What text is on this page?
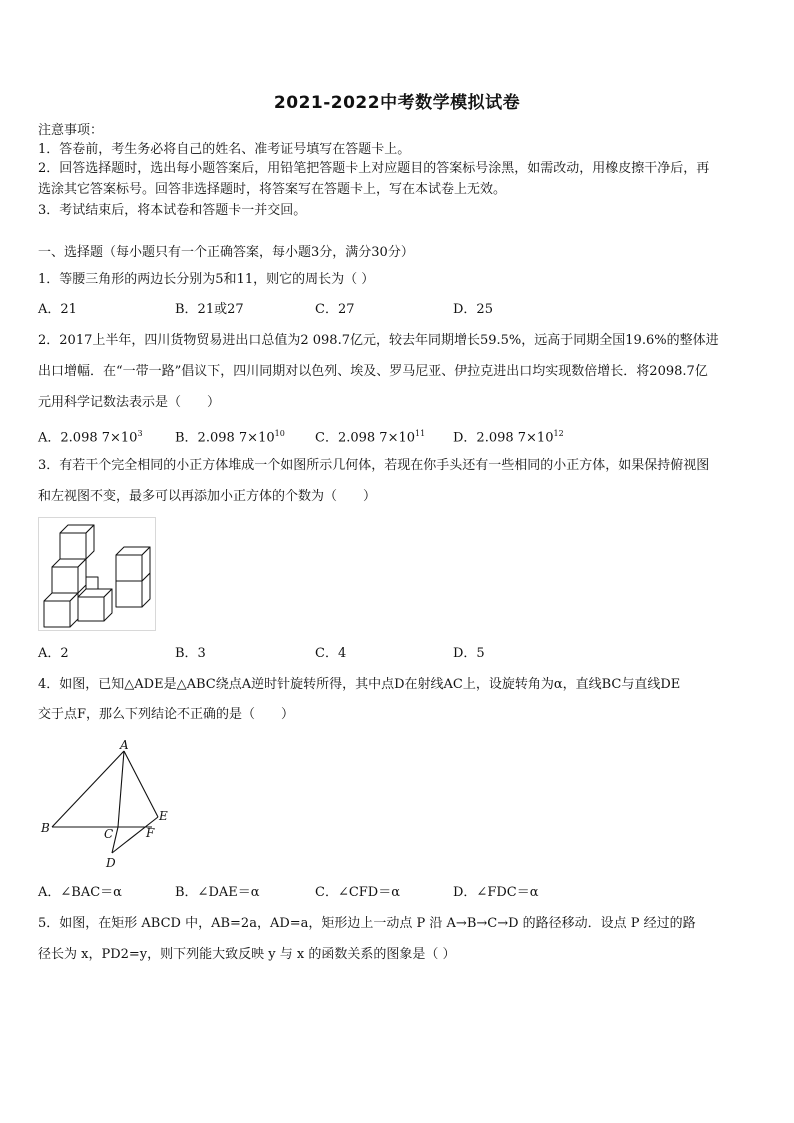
2021-2022中考数学模拟试卷
注意事项：
1．答卷前，考生务必将自己的姓名、准考证号填写在答题卡上。
2．回答选择题时，选出每小题答案后，用铅笔把答题卡上对应题目的答案标号涂黑，如需改动，用橡皮擦干净后，再
选涂其它答案标号。回答非选择题时，将答案写在答题卡上，写在本试卷上无效。
3．考试结束后，将本试卷和答题卡一并交回。
一、选择题（每小题只有一个正确答案，每小题3分，满分30分）
1．等腰三角形的两边长分别为5和11，则它的周长为（ ）
A．21	B．21或27	C．27	D．25
2．2017上半年，四川货物贸易进出口总值为2 098.7亿元，较去年同期增长59.5%，远高于同期全国19.6%的整体进
出口增幅．在“一带一路”倡议下，四川同期对以色列、埃及、罗马尼亚、伊拉克进出口均实现数倍增长．将2098.7亿
元用科学记数法表示是（　　）
A．2.098 $7\times 10^3$ B．2.098 $7\times 10^{10}$ C．2.098 $7\times 10^{11}$ D．2.098 $7\times 10^{12}$
3．有若干个完全相同的小正方体堆成一个如图所示几何体，若现在你手头还有一些相同的小正方体，如果保持俯视图
和左视图不变，最多可以再添加小正方体的个数为（　　）
A．2	B．3	C．4	D．5
4．如图，已知△ADE是△ABC绕点A逆时针旋转所得，其中点D在射线AC上，设旋转角为α，直线BC与直线DE
交于点F，那么下列结论不正确的是（　　）
A
B	C
D
E
F
A．∠BAC＝α	B．∠DAE＝α	C．∠CFD＝α	D．∠FDC＝α
5．如图，在矩形 ABCD 中，AB=2a，AD=a，矩形边上一动点 P 沿 A→B→C→D 的路径移动．设点 P 经过的路
径长为 x，PD2=y，则下列能大致反映 y 与 x 的函数关系的图象是（ ）
